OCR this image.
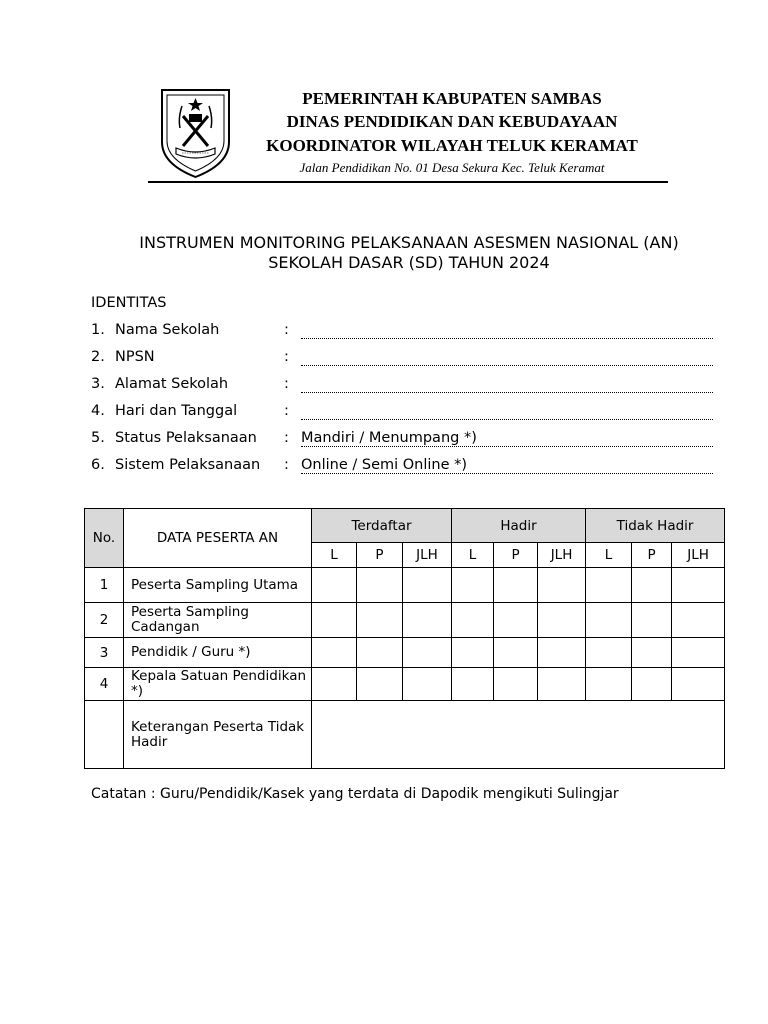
PEMERINTAH KABUPATEN SAMBAS
DINAS PENDIDIKAN DAN KEBUDAYAAN
KOORDINATOR WILAYAH TELUK KERAMAT
Jalan Pendidikan No. 01 Desa Sekura Kec. Teluk Keramat
INSTRUMEN MONITORING PELAKSANAAN ASESMEN NASIONAL (AN)
SEKOLAH DASAR (SD) TAHUN 2024
IDENTITAS
1. Nama Sekolah	:
2. NPSN	:
3. Alamat Sekolah	:
4. Hari dan Tanggal	:
5. Status Pelaksanaan : Mandiri / Menumpang *)
6. Sistem Pelaksanaan : Online / Semi Online *)
No.	DATA PESERTA AN	Terdaftar			Hadir			Tidak Hadir		
		L	P	JLH	L	P	JLH	L	P	JLH
1	Peserta Sampling Utama									
2	Peserta Sampling Cadangan									
3	Pendidik / Guru *)									
4	Kepala Satuan Pendidikan *)									
	Keterangan Peserta Tidak Hadir									
Catatan : Guru/Pendidik/Kasek yang terdata di Dapodik mengikuti Sulingjar
